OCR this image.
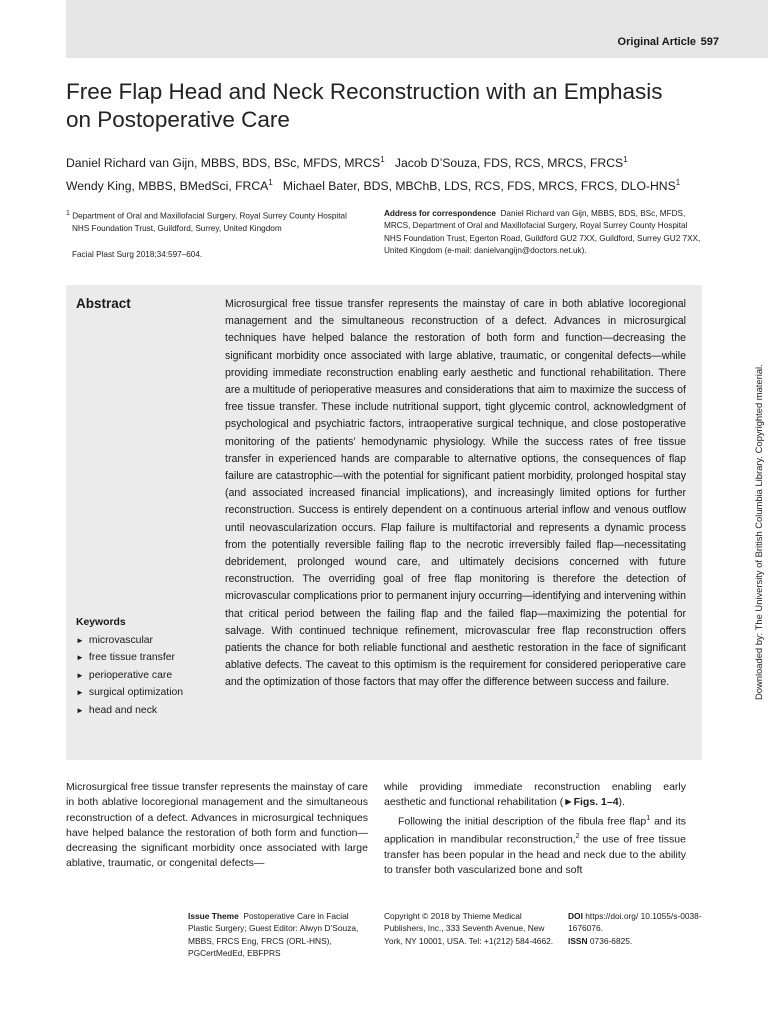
Original Article 597
Free Flap Head and Neck Reconstruction with an Emphasis on Postoperative Care
Daniel Richard van Gijn, MBBS, BDS, BSc, MFDS, MRCS$^1$ Jacob D’Souza, FDS, RCS, MRCS, FRCS$^1$
Wendy King, MBBS, BMedSci, FRCA$^1$ Michael Bater, BDS, MBChB, LDS, RCS, FDS, MRCS, FRCS, DLO-HNS$^1$
$^1$ Department of Oral and Maxillofacial Surgery, Royal Surrey County Hospital NHS Foundation Trust, Guildford, Surrey, United Kingdom
Facial Plast Surg 2018;34:597–604.
Address for correspondence Daniel Richard van Gijn, MBBS, BDS, BSc, MFDS, MRCS, Department of Oral and Maxillofacial Surgery, Royal Surrey County Hospital NHS Foundation Trust, Egerton Road, Guildford GU2 7XX, Guildford, Surrey GU2 7XX, United Kingdom (e-mail: danielvangijn@doctors.net.uk).
Abstract	Microsurgical free tissue transfer represents the mainstay of care in both ablative locoregional management and the simultaneous reconstruction of a defect. Advances in microsurgical techniques have helped balance the restoration of both form and function—decreasing the significant morbidity once associated with large ablative, traumatic, or congenital defects—while providing immediate reconstruction enabling early aesthetic and functional rehabilitation. There are a multitude of perioperative measures and considerations that aim to maximize the success of free tissue transfer. These include nutritional support, tight glycemic control, acknowledgment of psychological and psychiatric factors, intraoperative surgical technique, and close postoperative monitoring of the patients’ hemodynamic physiology. While the success rates of free tissue transfer in experienced hands are comparable to alternative options, the consequences of flap failure are catastrophic—with the potential for significant patient morbidity, prolonged hospital stay (and associated increased financial implications), and increasingly limited options for further reconstruction. Success is entirely dependent on a continuous arterial inflow and venous outflow until neovascularization occurs. Flap failure is multifactorial and represents a dynamic process from the potentially reversible failing flap to the necrotic irreversibly failed flap—necessitating debridement, prolonged wound care, and ultimately decisions concerned with future reconstruction. The overriding goal of free flap monitoring is therefore the detection of microvascular complications prior to permanent injury occurring—identifying and intervening within that critical period between the failing flap and the failed flap—maximizing the potential for salvage. With continued technique refinement, microvascular free flap reconstruction offers patients the chance for both reliable functional and aesthetic restoration in the face of significant ablative defects. The caveat to this optimism is the requirement for considered perioperative care and the optimization of those factors that may offer the difference between success and failure.
Keywords
► microvascular
► free tissue transfer
► perioperative care
► surgical optimization
► head and neck
Downloaded by: The University of British Columbia Library. Copyrighted material.
Microsurgical free tissue transfer represents the mainstay of care in both ablative locoregional management and the simultaneous reconstruction of a defect. Advances in microsurgical techniques have helped balance the restoration of both form and function—decreasing the significant morbidity once associated with large ablative, traumatic, or congenital defects—
while providing immediate reconstruction enabling early aesthetic and functional rehabilitation (►Figs. 1–4).
Following the initial description of the fibula free flap$^1$ and its application in mandibular reconstruction,$^2$ the use of free tissue transfer has been popular in the head and neck due to the ability to transfer both vascularized bone and soft
Issue Theme Postoperative Care in Facial Plastic Surgery; Guest Editor: Alwyn D’Souza, MBBS, FRCS Eng, FRCS (ORL-HNS), PGCertMedEd, EBFPRS
Copyright © 2018 by Thieme Medical Publishers, Inc., 333 Seventh Avenue, New York, NY 10001, USA. Tel: +1(212) 584-4662.
DOI https://doi.org/ 10.1055/s-0038-1676076.
ISSN 0736-6825.
